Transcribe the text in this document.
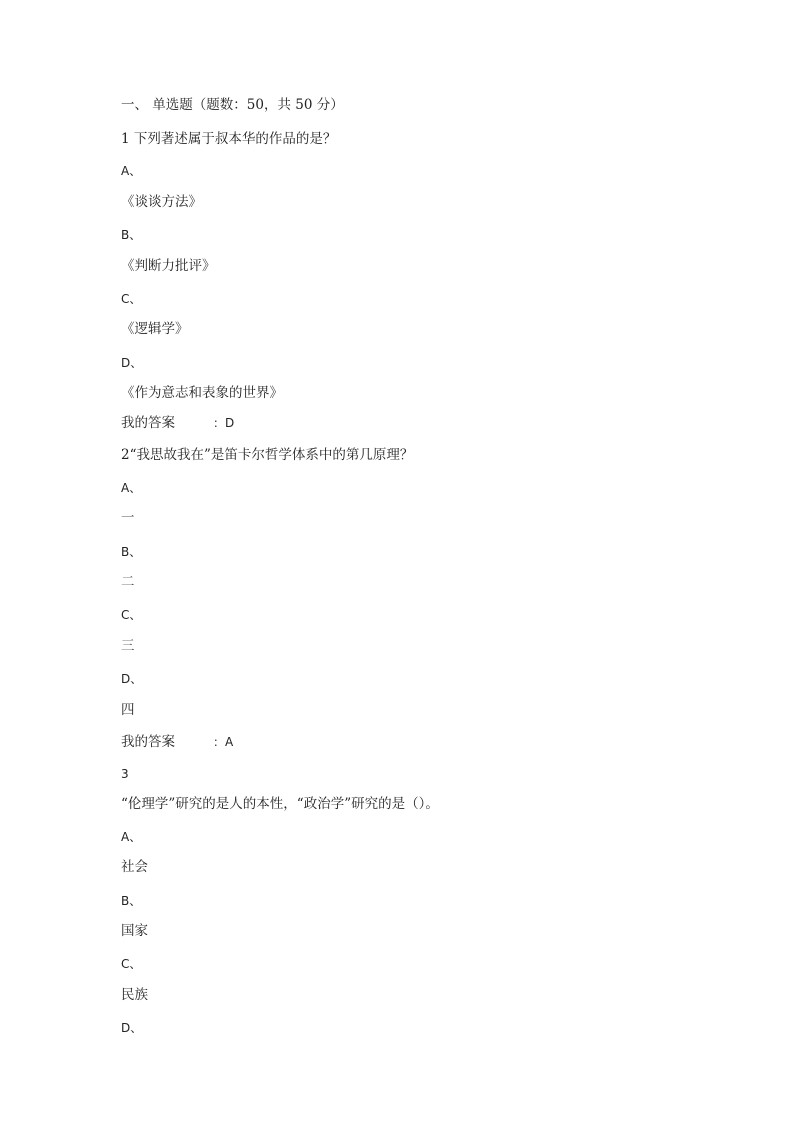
一、 单选题（题数：50，共 50 分）
1 下列著述属于叔本华的作品的是？
A、
《谈谈方法》
B、
《判断力批评》
C、
《逻辑学》
D、
《作为意志和表象的世界》
我的答案	：D
2“我思故我在”是笛卡尔哲学体系中的第几原理？
A、
一
B、
二
C、
三
D、
四
我的答案	：A
3
“伦理学”研究的是人的本性，“政治学”研究的是（）。
A、
社会
B、
国家
C、
民族
D、
